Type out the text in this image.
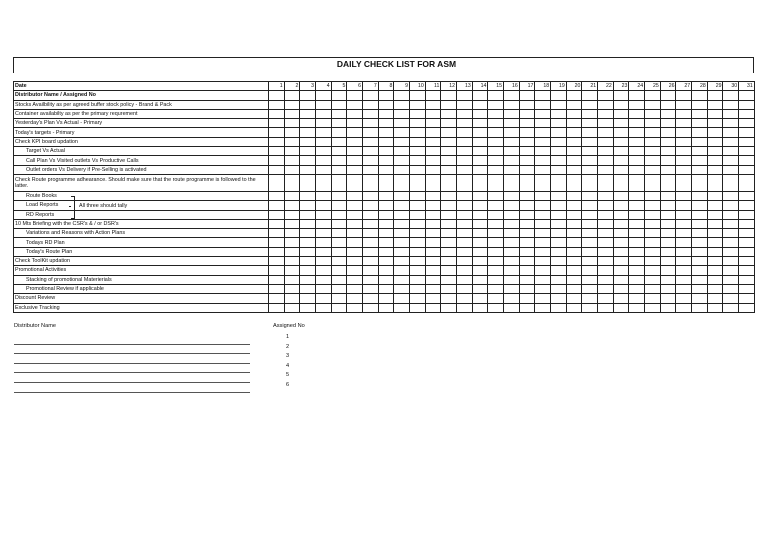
DAILY CHECK LIST FOR ASM
Date	1	2	3	4	5	6	7	8	9	10	11	12	13	14	15	16	17	18	19	20	21	22	23	24	25	26	27	28	29	30	31
Distributor Name / Assigned No																															
Stocks Availbility as per agreed buffer stock policy - Brand & Pack																															
Container availabilty as per the primary requrement																															
Yesterday's Plan Vs Actual - Primary																															
Today's targets - Primary																															
Check KPI board updation																															
Target Vs Actual																															
Call Plan Vs Visited outlets Vs Productive Calls																															
Outlet orders Vs Delivery if Pre-Selling is activated																															
Check Route programme adhearance. Should make sure that the route programme is followed to the latter.																															
Route Books																															
Load Reports																															
RD Reports																															
10 Mts Briefing with the CSR's & / or DSR's																															
Variations and Reasons with Action Plans																															
Todays RD Plan																															
Today's Route Plan																															
Check ToolKit updation																															
Promotional Activities																															
Stacking of promotional Materierials																															
Promotional Review if applicable																															
Discount Review																															
Exclusive Tracking																															
All three should tally
Distributor Name	Assigned No
1
2
3
4
5
6
